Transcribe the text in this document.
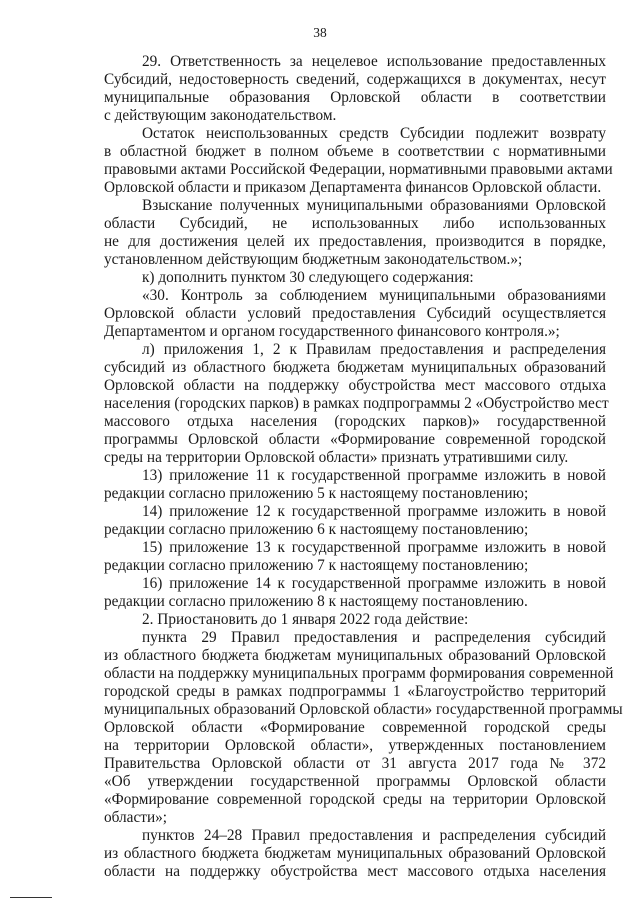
38
29. Ответственность за нецелевое использование предоставленных
Субсидий, недостоверность сведений, содержащихся в документах, несут
муниципальные образования Орловской области в соответствии
с действующим законодательством.
Остаток неиспользованных средств Субсидии подлежит возврату
в областной бюджет в полном объеме в соответствии с нормативными
правовыми актами Российской Федерации, нормативными правовыми актами
Орловской области и приказом Департамента финансов Орловской области.
Взыскание полученных муниципальными образованиями Орловской
области Субсидий, не использованных либо использованных
не для достижения целей их предоставления, производится в порядке,
установленном действующим бюджетным законодательством.»;
к) дополнить пунктом 30 следующего содержания:
«30. Контроль за соблюдением муниципальными образованиями
Орловской области условий предоставления Субсидий осуществляется
Департаментом и органом государственного финансового контроля.»;
л) приложения 1, 2 к Правилам предоставления и распределения
субсидий из областного бюджета бюджетам муниципальных образований
Орловской области на поддержку обустройства мест массового отдыха
населения (городских парков) в рамках подпрограммы 2 «Обустройство мест
массового отдыха населения (городских парков)» государственной
программы Орловской области «Формирование современной городской
среды на территории Орловской области» признать утратившими силу.
13) приложение 11 к государственной программе изложить в новой
редакции согласно приложению 5 к настоящему постановлению;
14) приложение 12 к государственной программе изложить в новой
редакции согласно приложению 6 к настоящему постановлению;
15) приложение 13 к государственной программе изложить в новой
редакции согласно приложению 7 к настоящему постановлению;
16) приложение 14 к государственной программе изложить в новой
редакции согласно приложению 8 к настоящему постановлению.
2. Приостановить до 1 января 2022 года действие:
пункта 29 Правил предоставления и распределения субсидий
из областного бюджета бюджетам муниципальных образований Орловской
области на поддержку муниципальных программ формирования современной
городской среды в рамках подпрограммы 1 «Благоустройство территорий
муниципальных образований Орловской области» государственной программы
Орловской области «Формирование современной городской среды
на территории Орловской области», утвержденных постановлением
Правительства Орловской области от 31 августа 2017 года № 372
«Об утверждении государственной программы Орловской области
«Формирование современной городской среды на территории Орловской
области»;
пунктов 24–28 Правил предоставления и распределения субсидий
из областного бюджета бюджетам муниципальных образований Орловской
области на поддержку обустройства мест массового отдыха населения
